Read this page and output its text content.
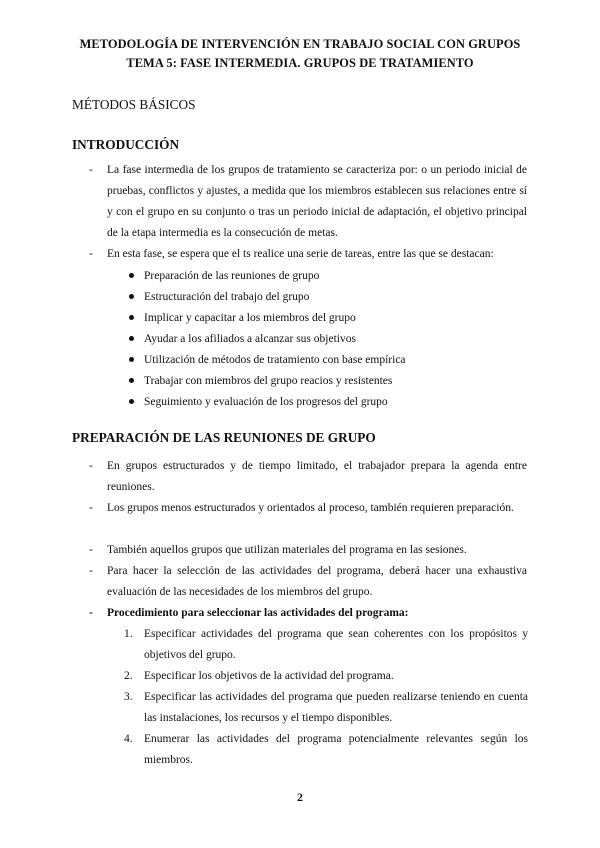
METODOLOGÍA DE INTERVENCIÓN EN TRABAJO SOCIAL CON GRUPOS
TEMA 5: FASE INTERMEDIA. GRUPOS DE TRATAMIENTO
MÉTODOS BÁSICOS
INTRODUCCIÓN
- La fase intermedia de los grupos de tratamiento se caracteriza por: o un periodo inicial de pruebas, conflictos y ajustes, a medida que los miembros establecen sus relaciones entre sí y con el grupo en su conjunto o tras un periodo inicial de adaptación, el objetivo principal de la etapa intermedia es la consecución de metas.
- En esta fase, se espera que el ts realice una serie de tareas, entre las que se destacan:
Preparación de las reuniones de grupo
Estructuración del trabajo del grupo
Implicar y capacitar a los miembros del grupo
Ayudar a los afiliados a alcanzar sus objetivos
Utilización de métodos de tratamiento con base empírica
Trabajar con miembros del grupo reacios y resistentes
Seguimiento y evaluación de los progresos del grupo
PREPARACIÓN DE LAS REUNIONES DE GRUPO
- En grupos estructurados y de tiempo limitado, el trabajador prepara la agenda entre reuniones.
- Los grupos menos estructurados y orientados al proceso, también requieren preparación.
- También aquellos grupos que utilizan materiales del programa en las sesiones.
- Para hacer la selección de las actividades del programa, deberá hacer una exhaustiva evaluación de las necesidades de los miembros del grupo.
- Procedimiento para seleccionar las actividades del programa:
1. Especificar actividades del programa que sean coherentes con los propósitos y objetivos del grupo.
2. Especificar los objetivos de la actividad del programa.
3. Especificar las actividades del programa que pueden realizarse teniendo en cuenta las instalaciones, los recursos y el tiempo disponibles.
4. Enumerar las actividades del programa potencialmente relevantes según los miembros.
2
